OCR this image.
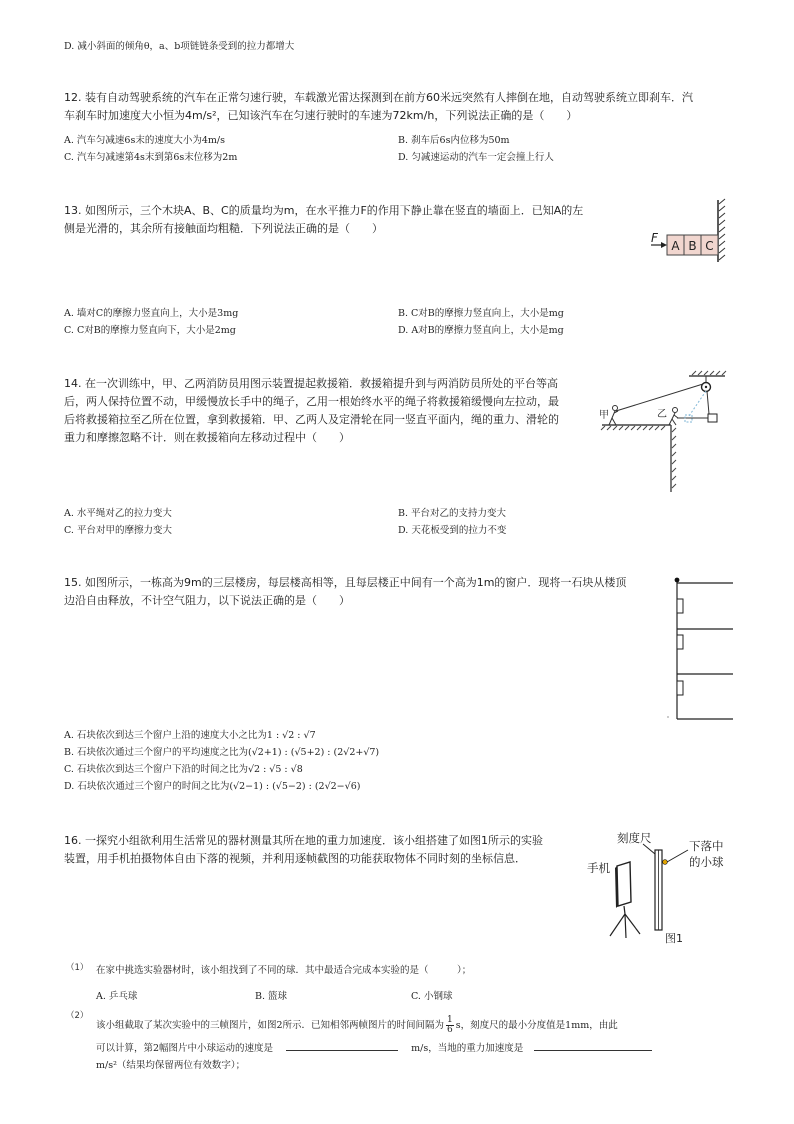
D. 减小斜面的倾角θ，a、b项链链条受到的拉力都增大
12. 装有自动驾驶系统的汽车在正常匀速行驶，车载激光雷达探测到在前方60米远突然有人摔倒在地，自动驾驶系统立即刹车．汽
车刹车时加速度大小恒为4m/s²，已知该汽车在匀速行驶时的车速为72km/h，下列说法正确的是（　　）
A. 汽车匀减速6s末的速度大小为4m/s	B. 刹车后6s内位移为50m
C. 汽车匀减速第4s末到第6s末位移为2m	D. 匀减速运动的汽车一定会撞上行人
13. 如图所示，三个木块A、B、C的质量均为m，在水平推力F的作用下静止靠在竖直的墙面上．已知A的左
侧是光滑的，其余所有接触面均粗糙．下列说法正确的是（　　）
A B C
F
A. 墙对C的摩擦力竖直向上，大小是3mg	B. C对B的摩擦力竖直向上，大小是mg
C. C对B的摩擦力竖直向下，大小是2mg	D. A对B的摩擦力竖直向上，大小是mg
14. 在一次训练中，甲、乙两消防员用图示装置提起救援箱．救援箱提升到与两消防员所处的平台等高
后，两人保持位置不动，甲缓慢放长手中的绳子，乙用一根始终水平的绳子将救援箱缓慢向左拉动，最
后将救援箱拉至乙所在位置，拿到救援箱．甲、乙两人及定滑轮在同一竖直平面内，绳的重力、滑轮的
重力和摩擦忽略不计．则在救援箱向左移动过程中（　　）
甲	乙
A. 水平绳对乙的拉力变大	B. 平台对乙的支持力变大
C. 平台对甲的摩擦力变大	D. 天花板受到的拉力不变
15. 如图所示，一栋高为9m的三层楼房，每层楼高相等，且每层楼正中间有一个高为1m的窗户．现将一石块从楼顶
边沿自由释放，不计空气阻力，以下说法正确的是（　　）
A. 石块依次到达三个窗户上沿的速度大小之比为1 : √2 : √7
B. 石块依次通过三个窗户的平均速度之比为(√2+1) : (√5+2) : (2√2+√7)
C. 石块依次到达三个窗户下沿的时间之比为√2 : √5 : √8
D. 石块依次通过三个窗户的时间之比为(√2−1) : (√5−2) : (2√2−√6)
16. 一探究小组欲利用生活常见的器材测量其所在地的重力加速度．该小组搭建了如图1所示的实验
装置，用手机拍摄物体自由下落的视频，并利用逐帧截图的功能获取物体不同时刻的坐标信息．
刻度尺
下落中
的小球
手机
图1
（1） 在家中挑选实验器材时，该小组找到了不同的球．其中最适合完成本实验的是（　　　）；
A. 乒乓球	B. 篮球	C. 小钢球
（2）
该小组截取了某次实验中的三帧图片，如图2所示．已知相邻两帧图片的时间间隔为 $\frac{1}{6}$ s，刻度尺的最小分度值是1mm，由此
可以计算，第2幅图片中小球运动的速度是	m/s，当地的重力加速度是
m/s²（结果均保留两位有效数字）；
